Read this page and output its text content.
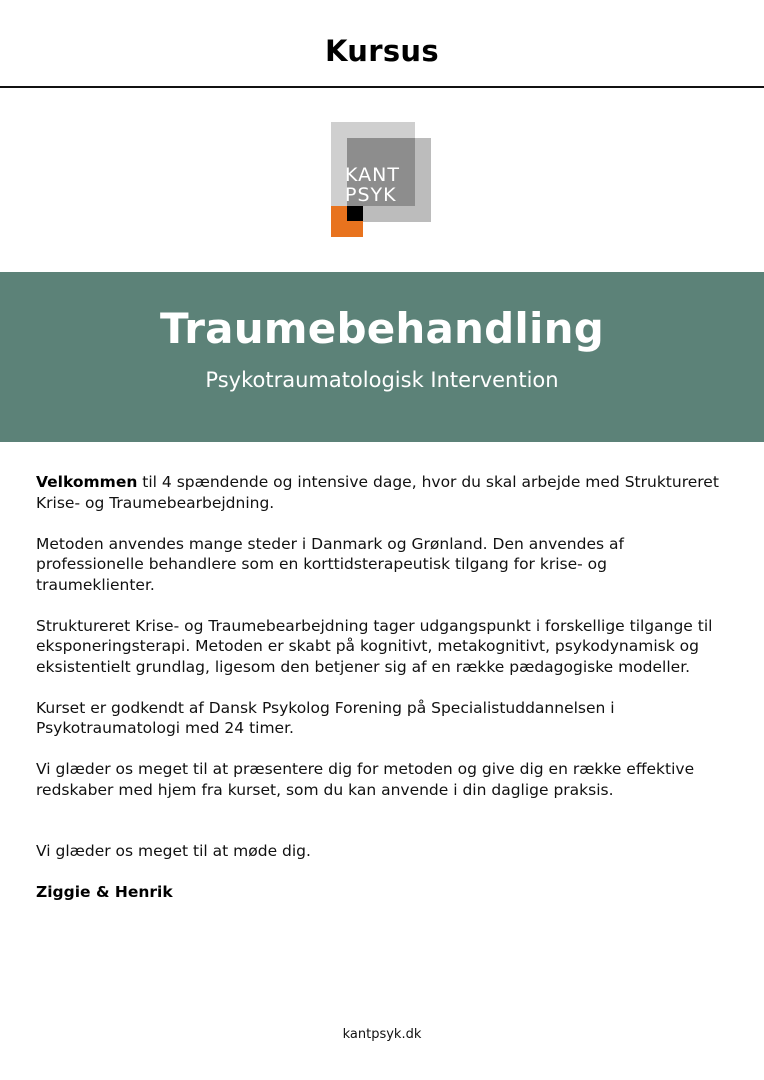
Kursus
KANT
PSYK
Traumebehandling
Psykotraumatologisk Intervention

Velkommen til 4 spændende og intensive dage, hvor du skal arbejde med Struktureret Krise- og Traumebearbejdning.

Metoden anvendes mange steder i Danmark og Grønland. Den anvendes af professionelle behandlere som en korttidsterapeutisk tilgang for krise- og traumeklienter.

Struktureret Krise- og Traumebearbejdning tager udgangspunkt i forskellige tilgange til eksponeringsterapi. Metoden er skabt på kognitivt, metakognitivt, psykodynamisk og eksistentielt grundlag, ligesom den betjener sig af en række pædagogiske modeller.

Kurset er godkendt af Dansk Psykolog Forening på Specialistuddannelsen i Psykotraumatologi med 24 timer.

Vi glæder os meget til at præsentere dig for metoden og give dig en række effektive redskaber med hjem fra kurset, som du kan anvende i din daglige praksis.

Vi glæder os meget til at møde dig.

Ziggie & Henrik

kantpsyk.dk
